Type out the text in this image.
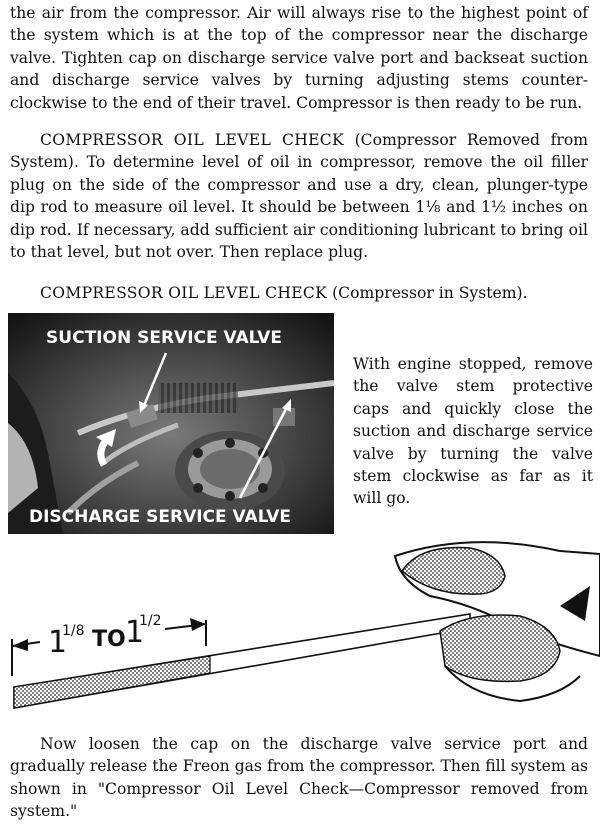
the air from the compressor. Air will always rise to the highest point of the system which is at the top of the compressor near the discharge valve. Tighten cap on discharge service valve port and backseat suction and discharge service valves by turning adjusting stems counter-clockwise to the end of their travel. Compressor is then ready to be run.
COMPRESSOR OIL LEVEL CHECK (Compressor Removed from System). To determine level of oil in compressor, remove the oil filler plug on the side of the compressor and use a dry, clean, plunger-type dip rod to measure oil level. It should be between 1⅛ and 1½ inches on dip rod. If necessary, add sufficient air conditioning lubricant to bring oil to that level, but not over. Then replace plug.
COMPRESSOR OIL LEVEL CHECK (Compressor in System).
SUCTION SERVICE VALVE
DISCHARGE SERVICE VALVE
With engine stopped, remove the valve stem protective caps and quickly close the suction and discharge service valve by turning the valve stem clockwise as far as it will go.
1
1/8 TO 1
1/2
Now loosen the cap on the discharge valve service port and gradually release the Freon gas from the compressor. Then fill system as shown in "Compressor Oil Level Check—Compressor removed from system."
